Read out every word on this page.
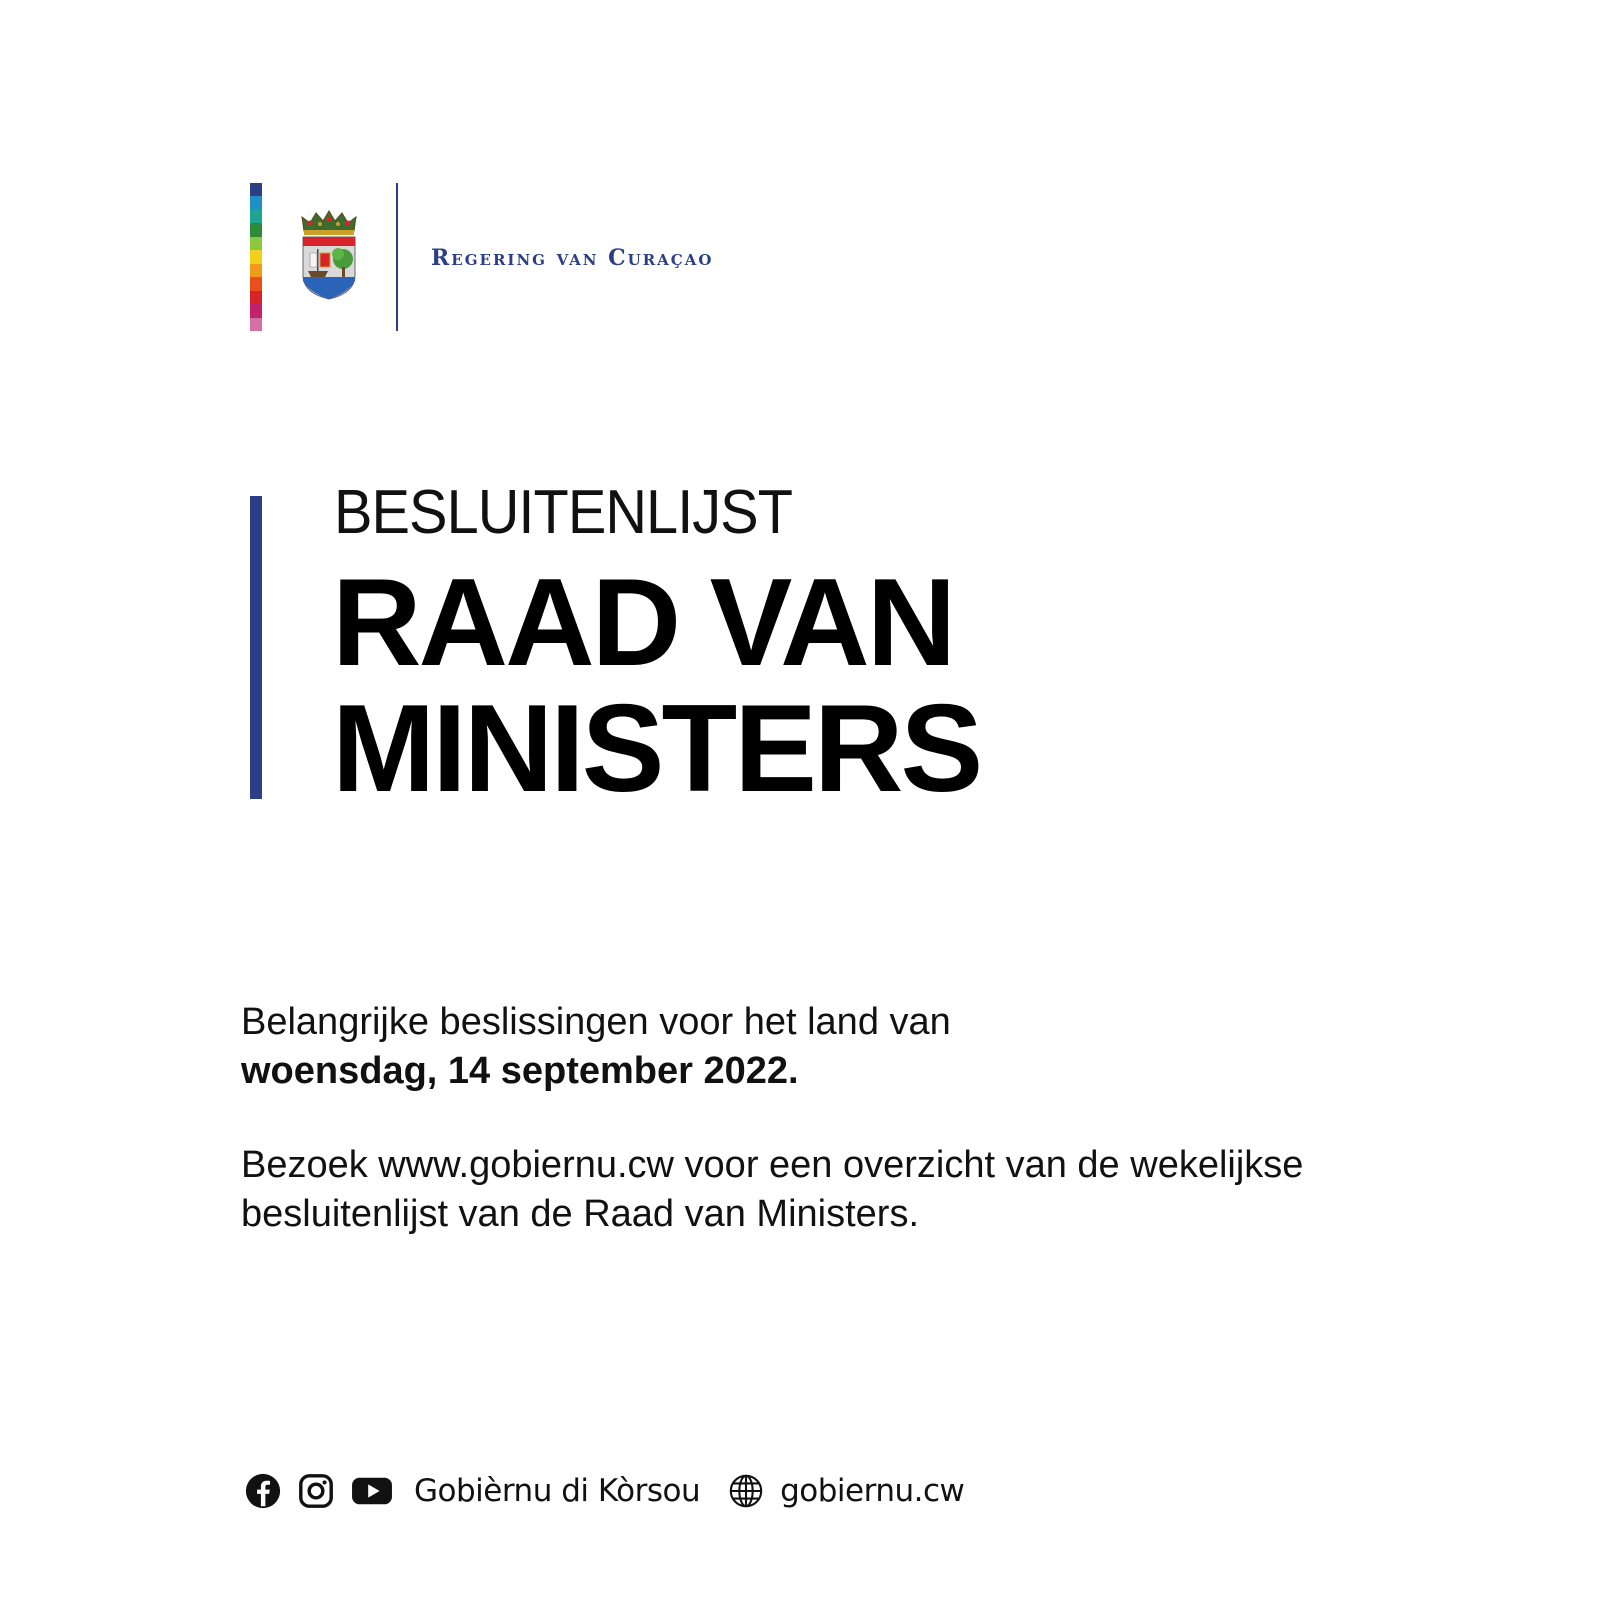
Regering van Curaçao
BESLUITENLIJST
RAAD VAN
MINISTERS

Belangrijke beslissingen voor het land van

woensdag, 14 september 2022.

Bezoek www.gobiernu.cw voor een overzicht van de wekelijkse besluitenlijst van de Raad van Ministers.

Gobièrnu di Kòrsou	gobiernu.cw
